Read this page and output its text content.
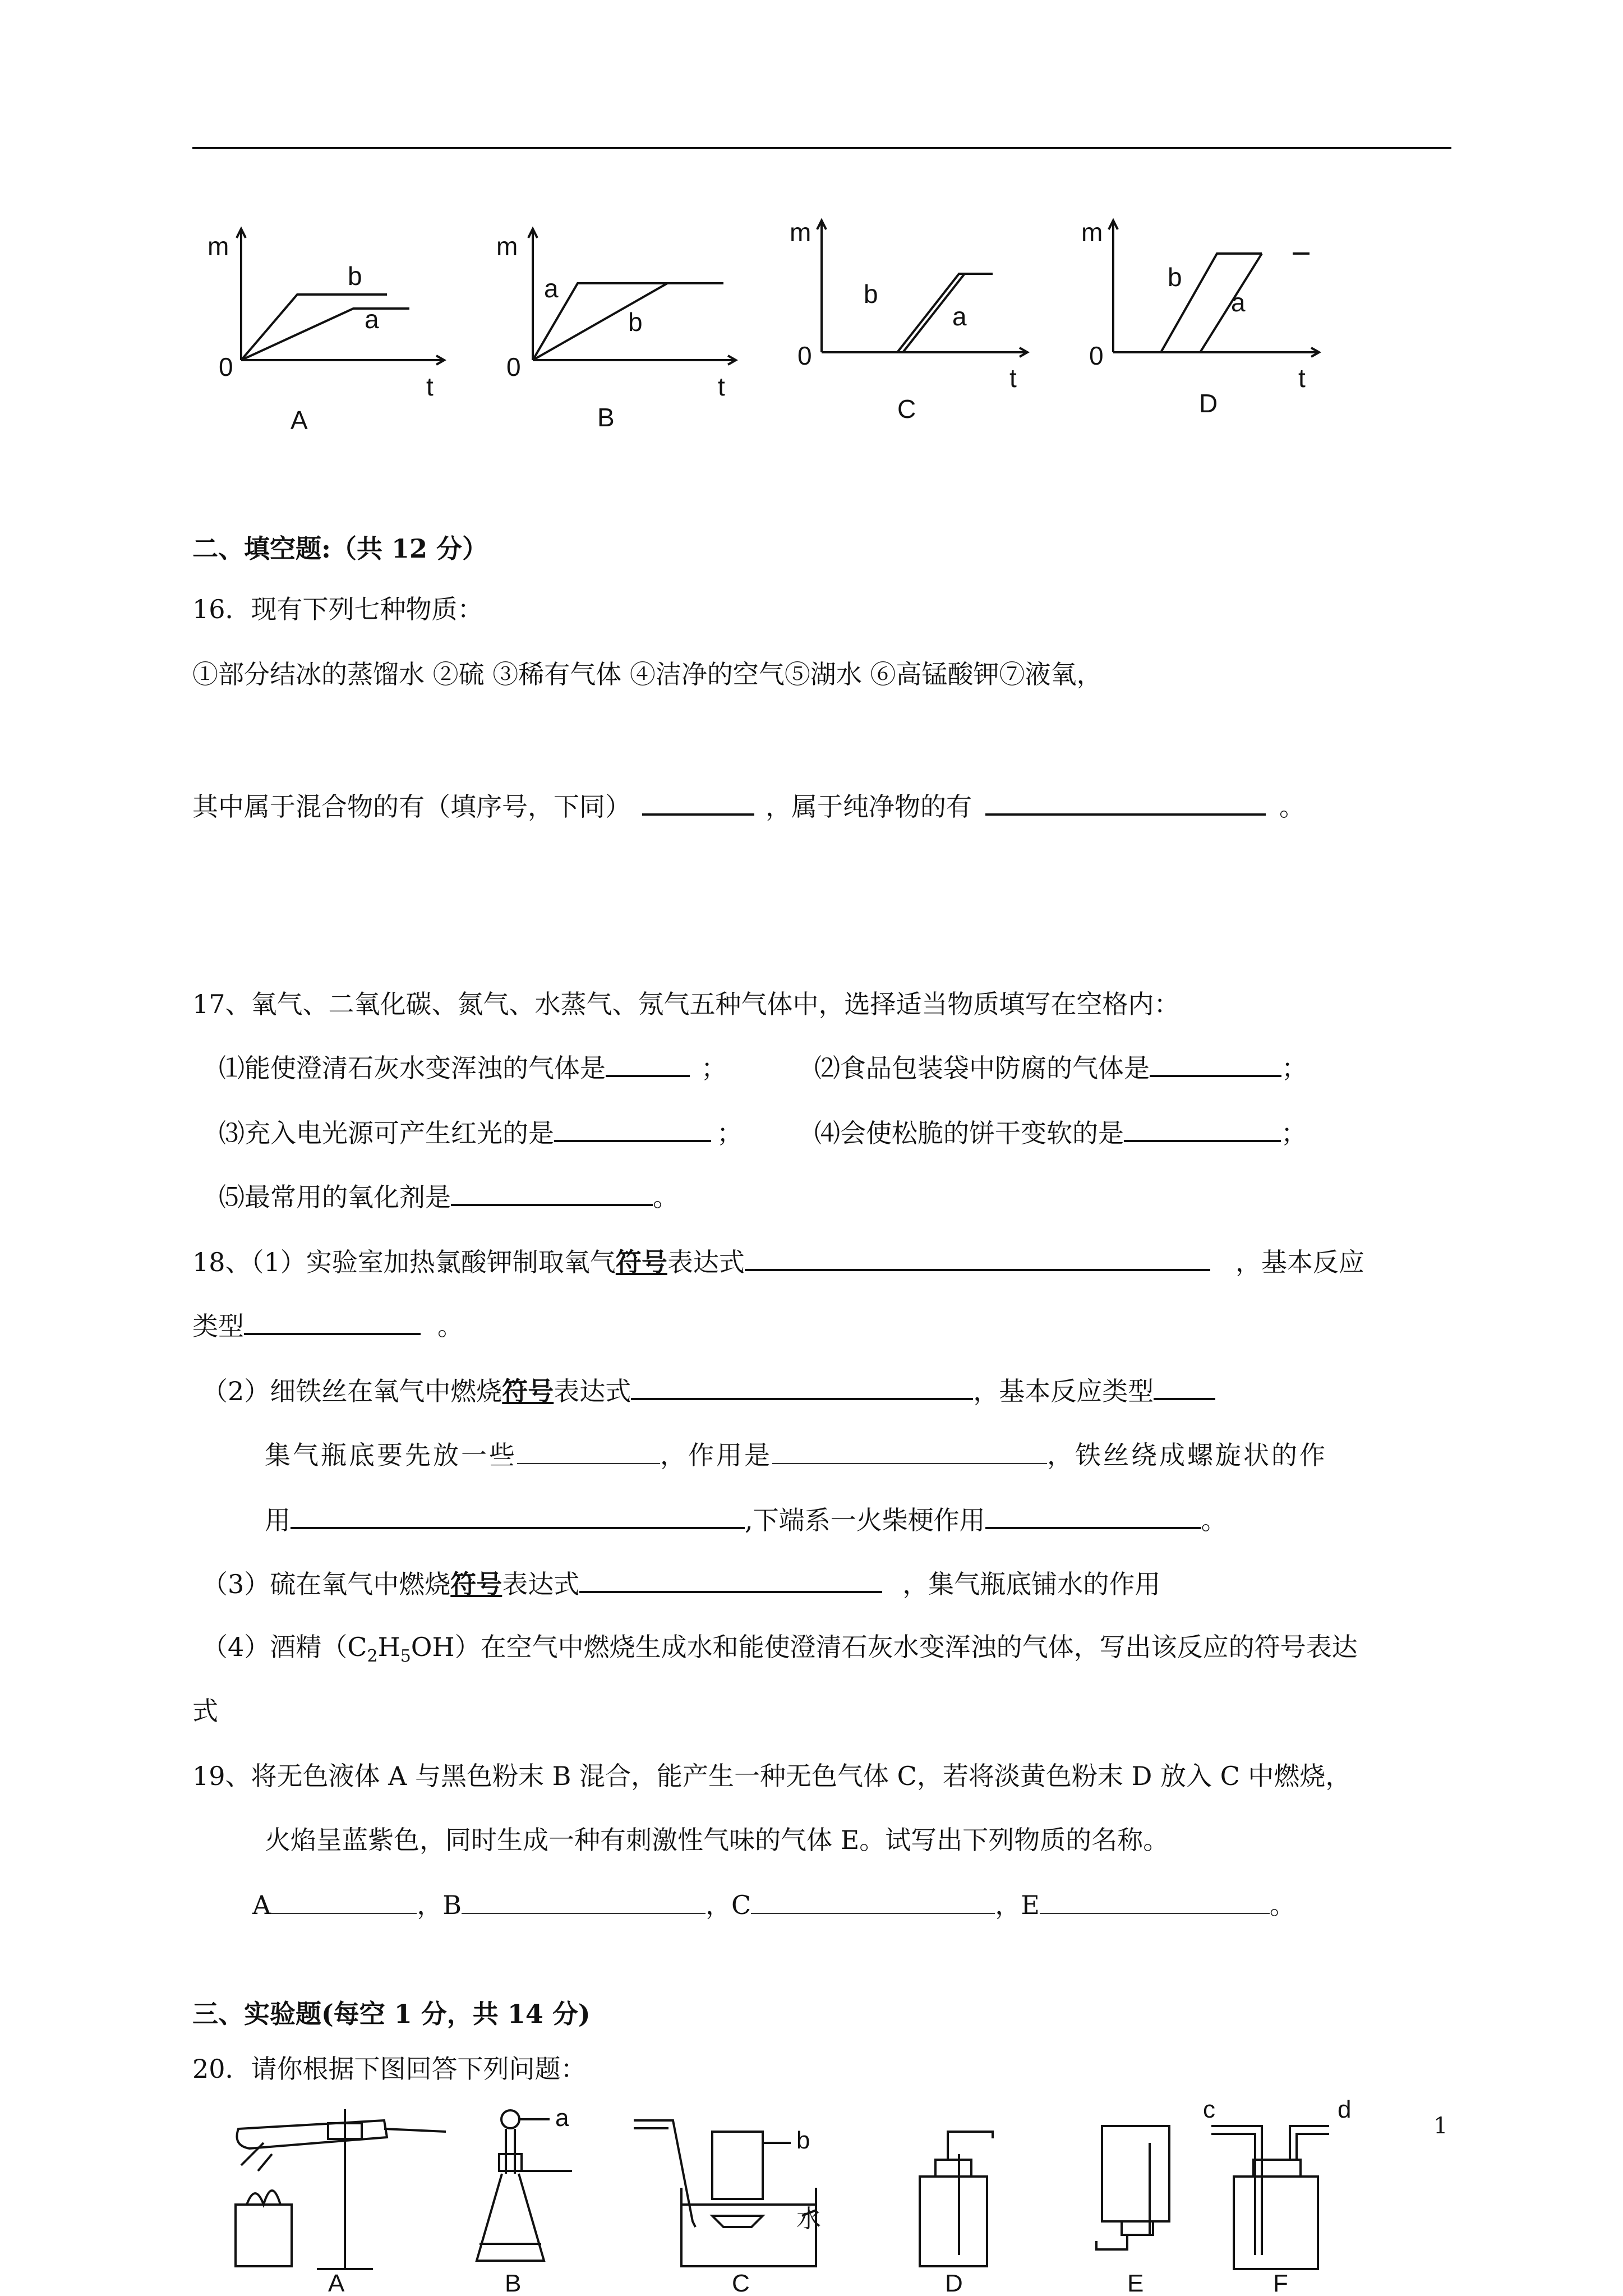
m
0
t
b
a
A
m
0
t
a
b
B
m
0
t
b
a
C
m
0
t
b
a
D
二、填空题:（共 12 分）
16．现有下列七种物质：
①部分结冰的蒸馏水 ②硫 ③稀有气体 ④洁净的空气⑤湖水 ⑥高锰酸钾⑦液氧，
其中属于混合物的有（填序号，下同）	，属于纯净物的有	。
17、氧气、二氧化碳、氮气、水蒸气、氖气五种气体中，选择适当物质填写在空格内：
⑴能使澄清石灰水变浑浊的气体是	；	⑵食品包装袋中防腐的气体是	；
⑶充入电光源可产生红光的是	；	⑷会使松脆的饼干变软的是	；
⑸最常用的氧化剂是	。
18、（1）实验室加热氯酸钾制取氧气符号表达式	，基本反应
类型	。
（2）细铁丝在氧气中燃烧符号表达式	，基本反应类型
集气瓶底要先放一些	，作用是	，铁丝绕成螺旋状的作
用	,下端系一火柴梗作用	。
（3）硫在氧气中燃烧符号表达式	，集气瓶底铺水的作用
（4）酒精$(C_2H_5OH)$在空气中燃烧生成水和能使澄清石灰水变浑浊的气体，写出该反应的符号表达
式
19、将无色液体 A 与黑色粉末 B 混合，能产生一种无色气体 C，若将淡黄色粉末 D 放入 C 中燃烧，
火焰呈蓝紫色，同时生成一种有刺激性气味的气体 E。试写出下列物质的名称。
A	，B	，C	，E	。
三、实验题(每空 1 分，共 14 分)
20．请你根据下图回答下列问题：
A	B	C	D	E	F
a
b
水
c	d
1
